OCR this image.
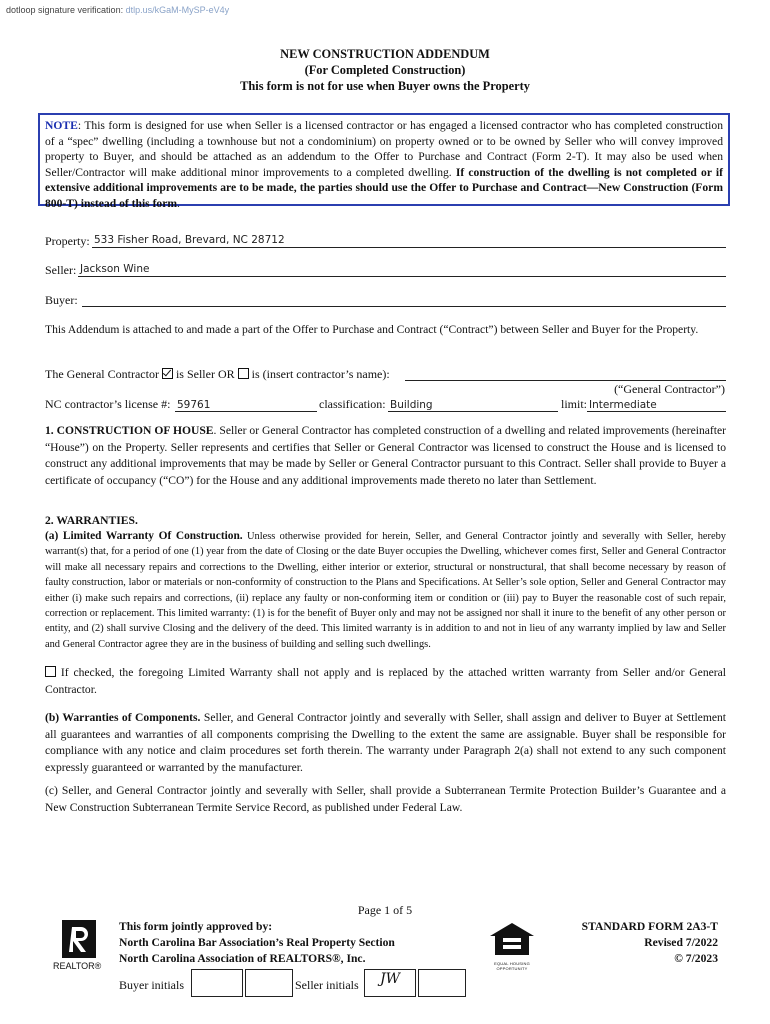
dotloop signature verification: dtlp.us/kGaM-MySP-eV4y
NEW CONSTRUCTION ADDENDUM
(For Completed Construction)
This form is not for use when Buyer owns the Property
NOTE: This form is designed for use when Seller is a licensed contractor or has engaged a licensed contractor who has completed construction of a “spec” dwelling (including a townhouse but not a condominium) on property owned or to be owned by Seller who will convey improved property to Buyer, and should be attached as an addendum to the Offer to Purchase and Contract (Form 2-T). It may also be used when Seller/Contractor will make additional minor improvements to a completed dwelling. If construction of the dwelling is not completed or if extensive additional improvements are to be made, the parties should use the Offer to Purchase and Contract—New Construction (Form 800-T) instead of this form.
Property: 533 Fisher Road, Brevard, NC 28712
Seller: Jackson Wine
Buyer:
This Addendum is attached to and made a part of the Offer to Purchase and Contract (“Contract”) between Seller and Buyer for the Property.
The General Contractor is Seller OR is (insert contractor’s name):
(“General Contractor”)
NC contractor’s license #: 59761	classification: Building	limit: Intermediate
1. CONSTRUCTION OF HOUSE. Seller or General Contractor has completed construction of a dwelling and related improvements (hereinafter “House”) on the Property. Seller represents and certifies that Seller or General Contractor was licensed to construct the House and is licensed to construct any additional improvements that may be made by Seller or General Contractor pursuant to this Contract. Seller shall provide to Buyer a certificate of occupancy (“CO”) for the House and any additional improvements made thereto no later than Settlement.
2. WARRANTIES.
(a) Limited Warranty Of Construction. Unless otherwise provided for herein, Seller, and General Contractor jointly and severally with Seller, hereby warrant(s) that, for a period of one (1) year from the date of Closing or the date Buyer occupies the Dwelling, whichever comes first, Seller and General Contractor will make all necessary repairs and corrections to the Dwelling, either interior or exterior, structural or nonstructural, that shall become necessary by reason of faulty construction, labor or materials or non-conformity of construction to the Plans and Specifications. At Seller’s sole option, Seller and General Contractor may either (i) make such repairs and corrections, (ii) replace any faulty or non-conforming item or condition or (iii) pay to Buyer the reasonable cost of such repair, correction or replacement. This limited warranty: (1) is for the benefit of Buyer only and may not be assigned nor shall it inure to the benefit of any other person or entity, and (2) shall survive Closing and the delivery of the deed. This limited warranty is in addition to and not in lieu of any warranty implied by law and Seller and General Contractor agree they are in the business of building and selling such dwellings.
If checked, the foregoing Limited Warranty shall not apply and is replaced by the attached written warranty from Seller and/or General Contractor.
(b) Warranties of Components. Seller, and General Contractor jointly and severally with Seller, shall assign and deliver to Buyer at Settlement all guarantees and warranties of all components comprising the Dwelling to the extent the same are assignable. Buyer shall be responsible for compliance with any notice and claim procedures set forth therein. The warranty under Paragraph 2(a) shall not extend to any such component expressly guaranteed or warranted by the manufacturer.
(c) Seller, and General Contractor jointly and severally with Seller, shall provide a Subterranean Termite Protection Builder’s Guarantee and a New Construction Subterranean Termite Service Record, as published under Federal Law.
Page 1 of 5
REALTOR®
This form jointly approved by:
North Carolina Bar Association’s Real Property Section
North Carolina Association of REALTORS®, Inc.	EQUAL HOUSING OPPORTUNITY
STANDARD FORM 2A3-T
Revised 7/2022
© 7/2023
Buyer initials	Seller initials	JW
